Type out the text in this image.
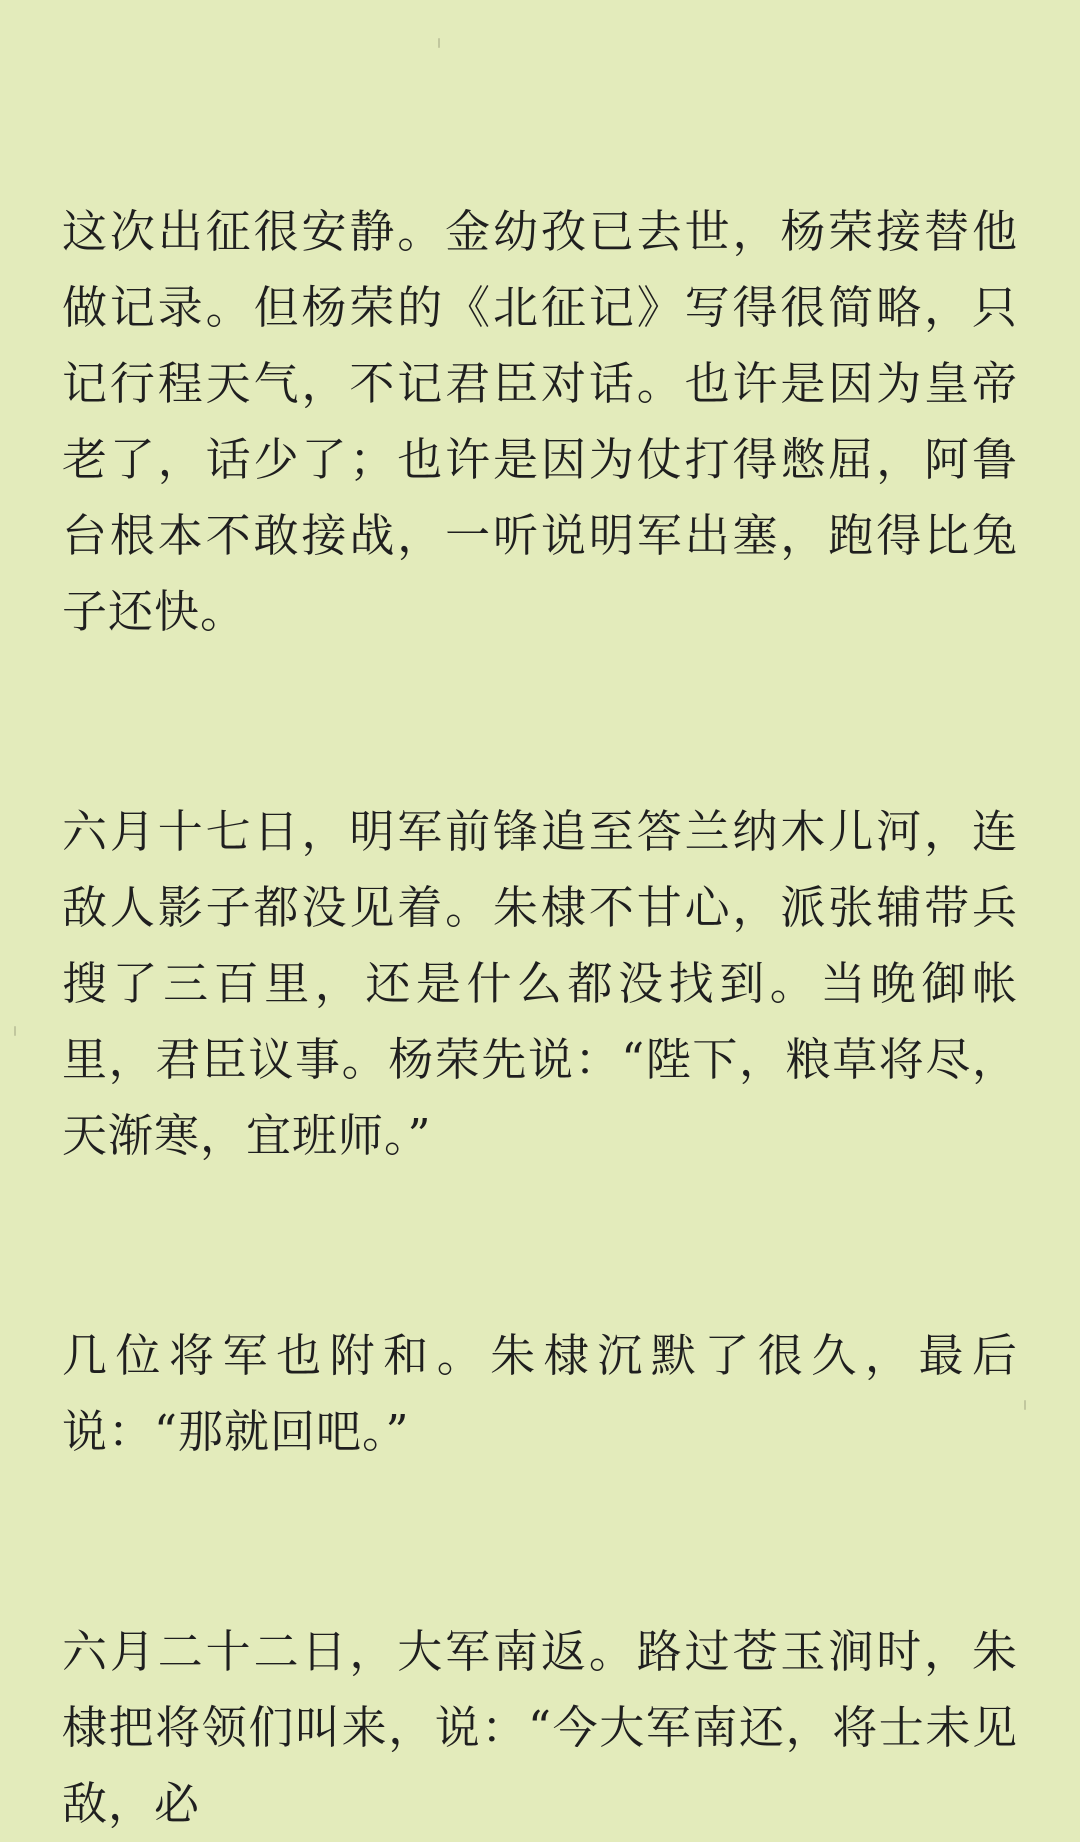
这次出征很安静。金幼孜已去世，杨荣接替他做记录。但杨荣的《北征记》写得很简略，只记行程天气，不记君臣对话。也许是因为皇帝老了，话少了；也许是因为仗打得憋屈，阿鲁台根本不敢接战，一听说明军出塞，跑得比兔子还快。

六月十七日，明军前锋追至答兰纳木儿河，连敌人影子都没见着。朱棣不甘心，派张辅带兵搜了三百里，还是什么都没找到。当晚御帐里，君臣议事。杨荣先说：“陛下，粮草将尽，天渐寒，宜班师。”

几位将军也附和。朱棣沉默了很久，最后说：“那就回吧。”

六月二十二日，大军南返。路过苍玉涧时，朱棣把将领们叫来，说：“今大军南还，将士未见敌，必
